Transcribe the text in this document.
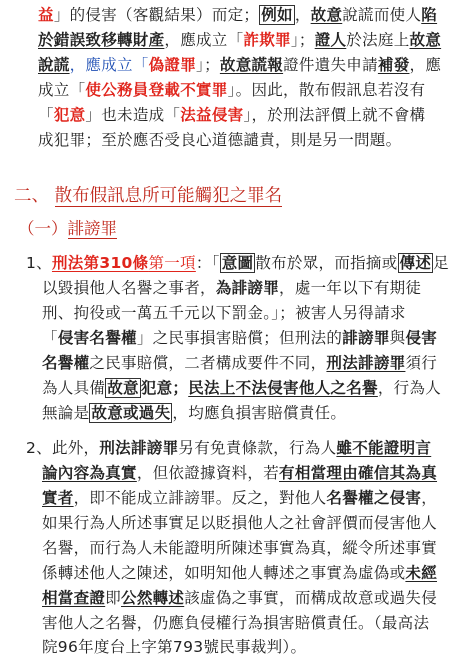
益」的侵害（客觀結果）而定； 例如 ，故意說謊而使人陷
於錯誤致移轉財產，應成立「詐欺罪」；證人於法庭上故意
說謊，應成立「偽證罪」；故意謊報證件遺失申請補發，應
成立「使公務員登載不實罪」。因此，散布假訊息若沒有
「犯意」也未造成「法益侵害」，於刑法評價上就不會構
成犯罪；至於應否受良心道德譴責，則是另一問題。
二、 散布假訊息所可能觸犯之罪名
（一）誹謗罪
1、刑法第310條第一項：「 意圖 散布於眾，而指摘或 傳述 足
以毀損他人名譽之事者，為誹謗罪，處一年以下有期徒
刑、拘役或一萬五千元以下罰金。」；被害人另得請求
「侵害名譽權」之民事損害賠償；但刑法的誹謗罪與侵害
名譽權之民事賠償，二者構成要件不同，刑法誹謗罪須行
為人具備 故意 犯意；民法上不法侵害他人之名譽，行為人
無論是 故意或過失 ，均應負損害賠償責任。
2、此外，刑法誹謗罪另有免責條款，行為人雖不能證明言
論內容為真實，但依證據資料，若有相當理由確信其為真
實者，即不能成立誹謗罪。反之，對他人名譽權之侵害，
如果行為人所述事實足以貶損他人之社會評價而侵害他人
名譽，而行為人未能證明所陳述事實為真，縱令所述事實
係轉述他人之陳述，如明知他人轉述之事實為虛偽或未經
相當查證即公然轉述該虛偽之事實，而構成故意或過失侵
害他人之名譽，仍應負侵權行為損害賠償責任。（最高法
院96年度台上字第793號民事裁判）。
